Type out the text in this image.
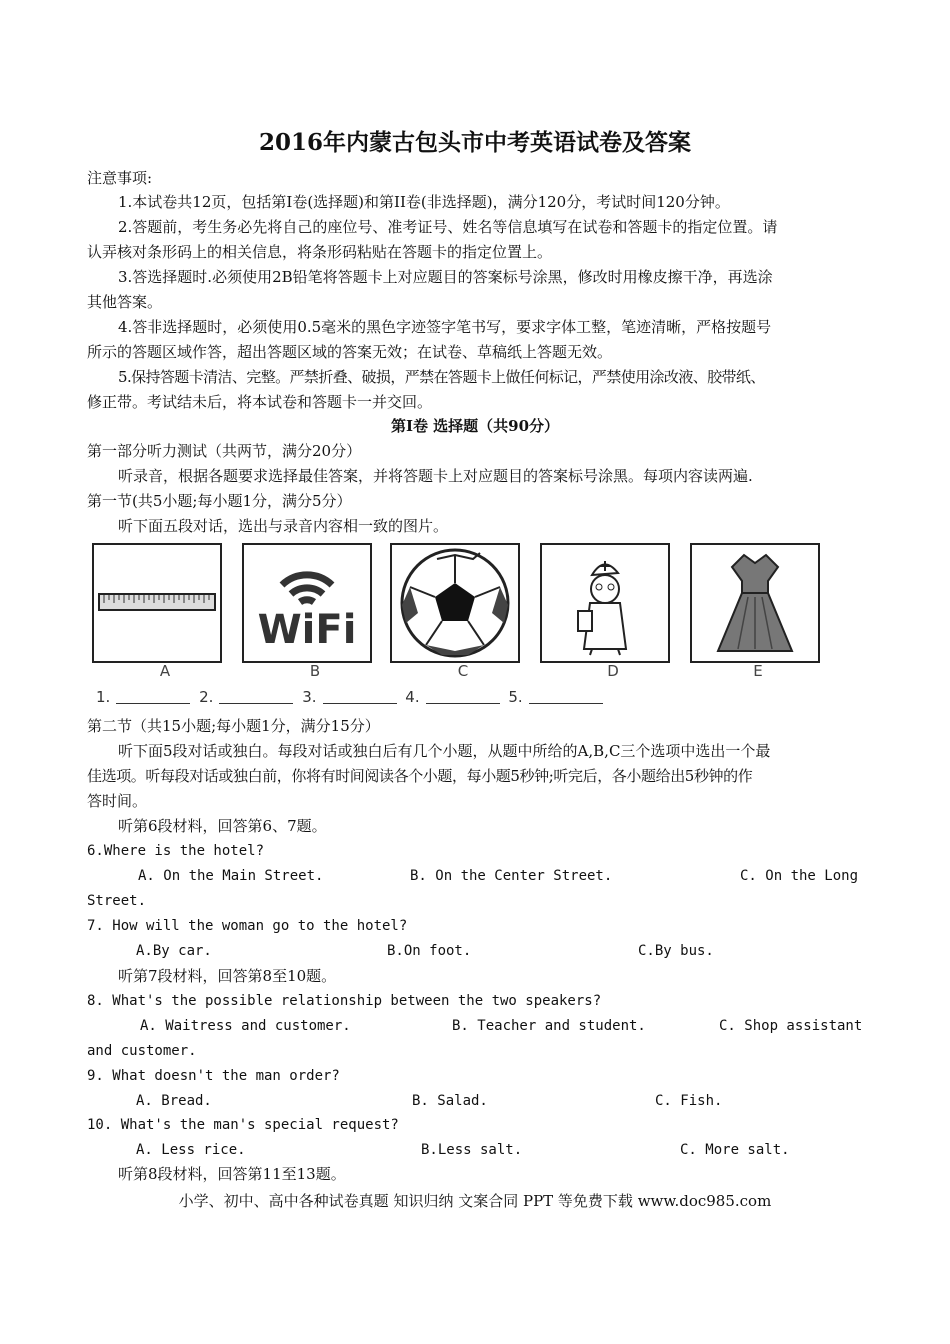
2016年内蒙古包头市中考英语试卷及答案
注意事项:
1.本试卷共12页，包括第I卷(选择题)和第II卷(非选择题)，满分120分，考试时间120分钟。
2.答题前，考生务必先将自己的座位号、准考证号、姓名等信息填写在试卷和答题卡的指定位置。请
认弄核对条形码上的相关信息，将条形码粘贴在答题卡的指定位置上。
3.答选择题时.必须使用2B铅笔将答题卡上对应题目的答案标号涂黑，修改时用橡皮擦干净，再选涂
其他答案。
4.答非选择题时，必须使用0.5毫米的黑色字迹签字笔书写，要求字体工整，笔迹清晰，严格按题号
所示的答题区域作答，超出答题区域的答案无效；在试卷、草稿纸上答题无效。
5.保持答题卡清洁、完整。严禁折叠、破损，严禁在答题卡上做任何标记，严禁使用涂改液、胶带纸、
修正带。考试结未后，将本试卷和答题卡一并交回。
第I卷 选择题（共90分）
第一部分听力测试（共两节，满分20分）
听录音，根据各题要求选择最佳答案，并将答题卡上对应题目的答案标号涂黑。每项内容读两遍.
第一节(共5小题;每小题1分，满分5分）
听下面五段对话，选出与录音内容相一致的图片。
WiFi
A	B	C	D	E
1.	2.	3.	4.	5.
第二节（共15小题;每小题1分，满分15分）
听下面5段对话或独白。每段对话或独白后有几个小题，从题中所给的A,B,C三个选项中选出一个最
佳选项。听每段对话或独白前，你将有时间阅读各个小题，每小题5秒钟;听完后，各小题给出5秒钟的作
答时间。
听第6段材料，回答第6、7题。
6.Where is the hotel?
A. On the Main Street.	B. On the Center Street.	C. On the Long
Street.
7. How will the woman go to the hotel?
A.By car.	B.On foot.	C.By bus.
听第7段材料，回答第8至10题。
8. What's the possible relationship between the two speakers?
A. Waitress and customer.	B. Teacher and student.	C. Shop assistant
and customer.
9. What doesn't the man order?
A. Bread.	B. Salad.	C. Fish.
10. What's the man's special request?
A. Less rice.	B.Less salt.	C. More salt.
听第8段材料，回答第11至13题。
小学、初中、高中各种试卷真题 知识归纳 文案合同 PPT 等免费下载 www.doc985.com
